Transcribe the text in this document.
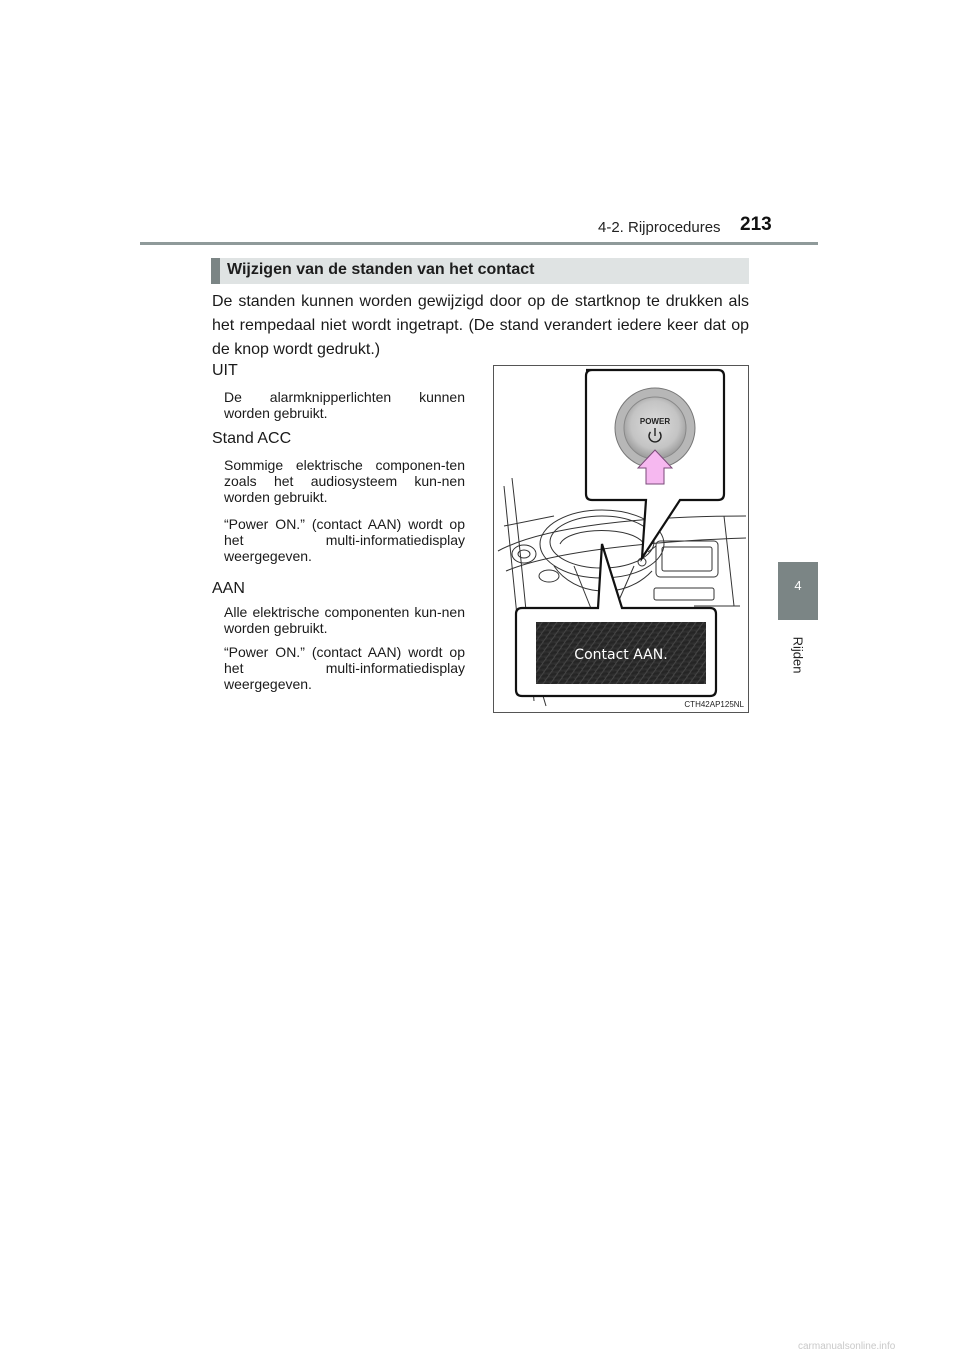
4-2. Rijprocedures 213
4
Rijden
Wijzigen van de standen van het contact

De standen kunnen worden gewijzigd door op de startknop te drukken als het rempedaal niet wordt ingetrapt. (De stand verandert iedere keer dat op de knop wordt gedrukt.)

UIT

De alarmknipperlichten kunnen worden gebruikt.

Stand ACC

Sommige elektrische componen-ten zoals het audiosysteem kun-nen worden gebruikt.

“Power ON.” (contact AAN) wordt op het multi-informatiedisplay weergegeven.

AAN

Alle elektrische componenten kun-nen worden gebruikt.

“Power ON.” (contact AAN) wordt op het multi-informatiedisplay weergegeven.

POWER
Contact AAN.
CTH42AP125NL
carmanualsonline.info
